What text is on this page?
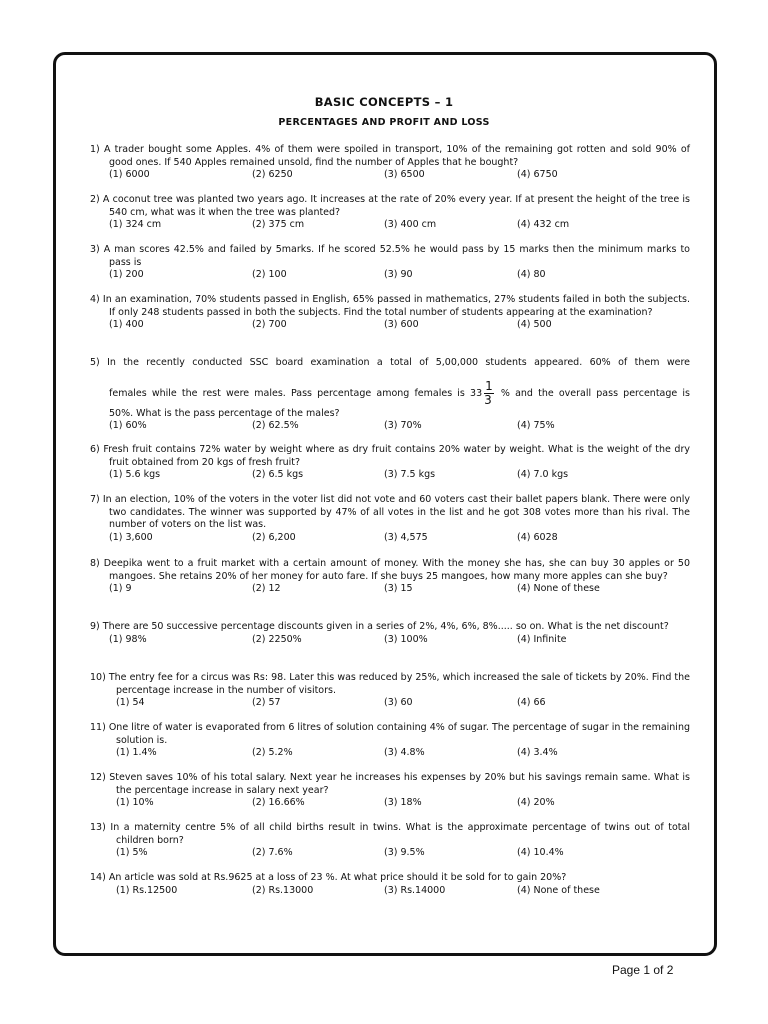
BASIC CONCEPTS – 1
PERCENTAGES AND PROFIT AND LOSS
1) A trader bought some Apples. 4% of them were spoiled in transport, 10% of the remaining got rotten and sold 90% of good ones. If 540 Apples remained unsold, find the number of Apples that he bought?
(1) 6000	(2) 6250	(3) 6500	(4) 6750
2) A coconut tree was planted two years ago. It increases at the rate of 20% every year. If at present the height of the tree is 540 cm, what was it when the tree was planted?
(1) 324 cm	(2) 375 cm	(3) 400 cm	(4) 432 cm
3) A man scores 42.5% and failed by 5marks. If he scored 52.5% he would pass by 15 marks then the minimum marks to pass is
(1) 200	(2) 100	(3) 90	(4) 80
4) In an examination, 70% students passed in English, 65% passed in mathematics, 27% students failed in both the subjects. If only 248 students passed in both the subjects. Find the total number of students appearing at the examination?
(1) 400	(2) 700	(3) 600	(4) 500
5) In the recently conducted SSC board examination a total of 5,00,000 students appeared. 60% of them were
females while the rest were males. Pass percentage among females is $33 \frac{1}{3}$ % and the overall pass percentage is
50%. What is the pass percentage of the males?
(1) 60%	(2) 62.5%	(3) 70%	(4) 75%
6) Fresh fruit contains 72% water by weight where as dry fruit contains 20% water by weight. What is the weight of the dry fruit obtained from 20 kgs of fresh fruit?
(1) 5.6 kgs	(2) 6.5 kgs	(3) 7.5 kgs	(4) 7.0 kgs
7) In an election, 10% of the voters in the voter list did not vote and 60 voters cast their ballet papers blank. There were only two candidates. The winner was supported by 47% of all votes in the list and he got 308 votes more than his rival. The number of voters on the list was.
(1) 3,600	(2) 6,200	(3) 4,575	(4) 6028
8) Deepika went to a fruit market with a certain amount of money. With the money she has, she can buy 30 apples or 50 mangoes. She retains 20% of her money for auto fare. If she buys 25 mangoes, how many more apples can she buy?
(1) 9	(2) 12	(3) 15	(4) None of these
9) There are 50 successive percentage discounts given in a series of 2%, 4%, 6%, 8%..... so on. What is the net discount?
(1) 98%	(2) 2250%	(3) 100%	(4) Infinite
10) The entry fee for a circus was Rs: 98. Later this was reduced by 25%, which increased the sale of tickets by 20%. Find the percentage increase in the number of visitors.
(1) 54	(2) 57	(3) 60	(4) 66
11) One litre of water is evaporated from 6 litres of solution containing 4% of sugar. The percentage of sugar in the remaining solution is.
(1) 1.4%	(2) 5.2%	(3) 4.8%	(4) 3.4%
12) Steven saves 10% of his total salary. Next year he increases his expenses by 20% but his savings remain same. What is the percentage increase in salary next year?
(1) 10%	(2) 16.66%	(3) 18%	(4) 20%
13) In a maternity centre 5% of all child births result in twins. What is the approximate percentage of twins out of total children born?
(1) 5%	(2) 7.6%	(3) 9.5%	(4) 10.4%
14) An article was sold at Rs.9625 at a loss of 23 %. At what price should it be sold for to gain 20%?
(1) Rs.12500	(2) Rs.13000	(3) Rs.14000	(4) None of these
Page 1 of 2
